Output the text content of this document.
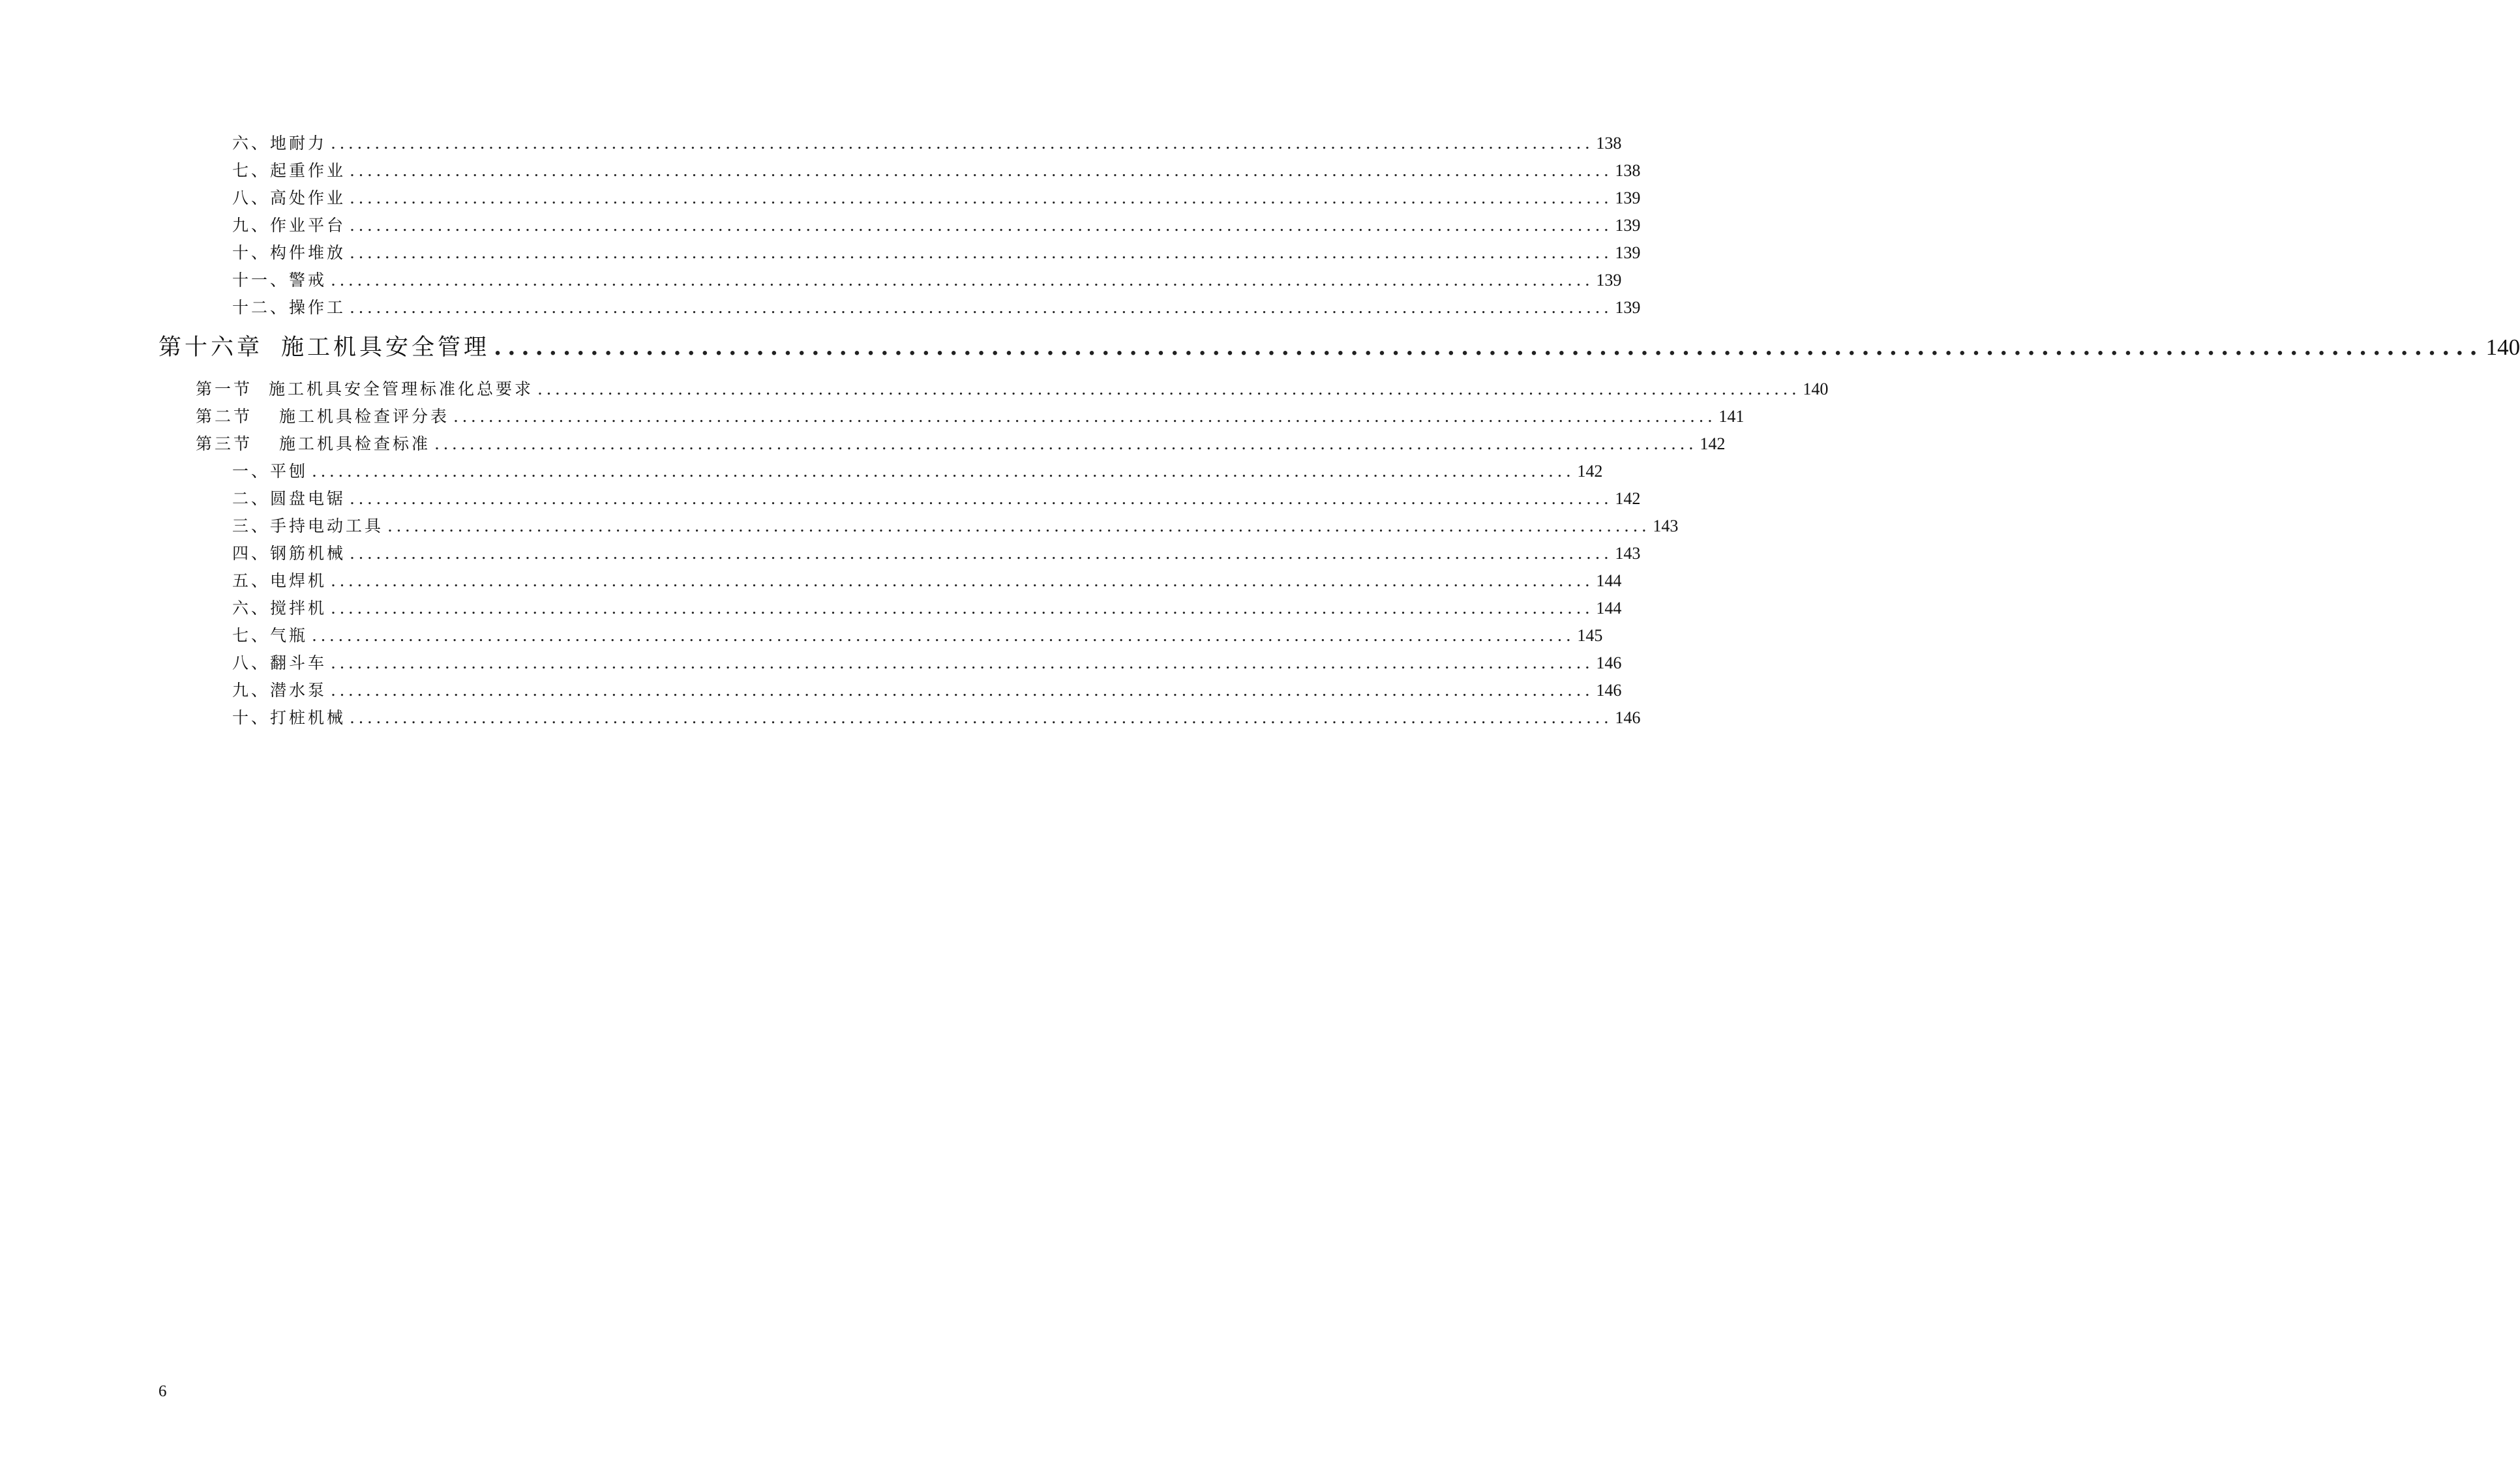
六、地耐力 ................................................................................................................................................ 138
七、起重作业 ................................................................................................................................................ 138
八、高处作业 ................................................................................................................................................ 139
九、作业平台 ................................................................................................................................................ 139
十、构件堆放 ................................................................................................................................................ 139
十一、警戒 ................................................................................................................................................ 139
十二、操作工 ................................................................................................................................................ 139
第十六章 施工机具安全管理 ................................................................................................................................................ 140
第一节 施工机具安全管理标准化总要求 ................................................................................................................................................ 140
第二节	施工机具检查评分表 ................................................................................................................................................ 141
第三节	施工机具检查标准 ................................................................................................................................................ 142
一、平刨 ................................................................................................................................................ 142
二、圆盘电锯 ................................................................................................................................................ 142
三、手持电动工具 ................................................................................................................................................ 143
四、钢筋机械 ................................................................................................................................................ 143
五、电焊机 ................................................................................................................................................ 144
六、搅拌机 ................................................................................................................................................ 144
七、气瓶 ................................................................................................................................................ 145
八、翻斗车 ................................................................................................................................................ 146
九、潜水泵 ................................................................................................................................................ 146
十、打桩机械 ................................................................................................................................................ 146
6
